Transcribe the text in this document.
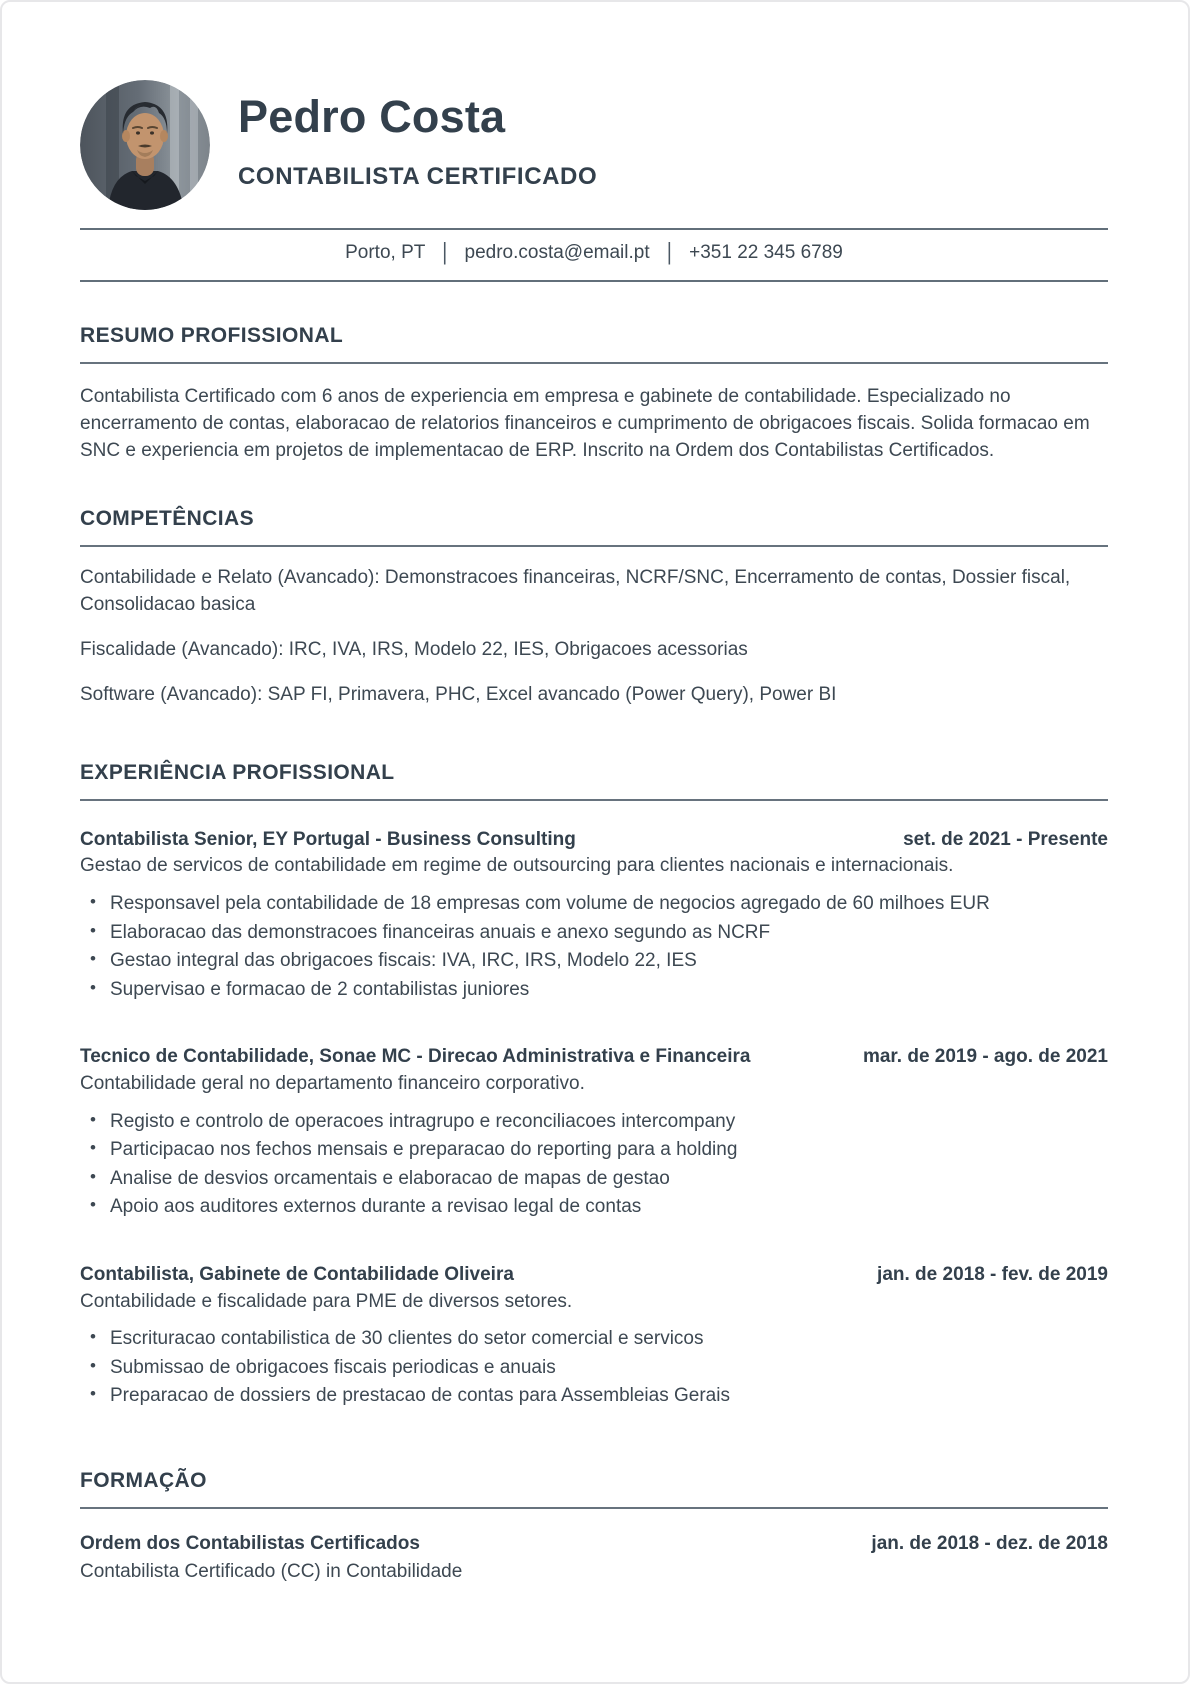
Pedro Costa
CONTABILISTA CERTIFICADO
Porto, PT | pedro.costa@email.pt | +351 22 345 6789
RESUMO PROFISSIONAL

Contabilista Certificado com 6 anos de experiencia em empresa e gabinete de contabilidade. Especializado no encerramento de contas, elaboracao de relatorios financeiros e cumprimento de obrigacoes fiscais. Solida formacao em SNC e experiencia em projetos de implementacao de ERP. Inscrito na Ordem dos Contabilistas Certificados.

COMPETÊNCIAS

Contabilidade e Relato (Avancado): Demonstracoes financeiras, NCRF/SNC, Encerramento de contas, Dossier fiscal, Consolidacao basica

Fiscalidade (Avancado): IRC, IVA, IRS, Modelo 22, IES, Obrigacoes acessorias

Software (Avancado): SAP FI, Primavera, PHC, Excel avancado (Power Query), Power BI

EXPERIÊNCIA PROFISSIONAL
Contabilista Senior, EY Portugal - Business Consulting	set. de 2021 - Presente
Gestao de servicos de contabilidade em regime de outsourcing para clientes nacionais e internacionais.
• Responsavel pela contabilidade de 18 empresas com volume de negocios agregado de 60 milhoes EUR
• Elaboracao das demonstracoes financeiras anuais e anexo segundo as NCRF
• Gestao integral das obrigacoes fiscais: IVA, IRC, IRS, Modelo 22, IES
• Supervisao e formacao de 2 contabilistas juniores
Tecnico de Contabilidade, Sonae MC - Direcao Administrativa e Financeira	mar. de 2019 - ago. de 2021
Contabilidade geral no departamento financeiro corporativo.
• Registo e controlo de operacoes intragrupo e reconciliacoes intercompany
• Participacao nos fechos mensais e preparacao do reporting para a holding
• Analise de desvios orcamentais e elaboracao de mapas de gestao
• Apoio aos auditores externos durante a revisao legal de contas
Contabilista, Gabinete de Contabilidade Oliveira	jan. de 2018 - fev. de 2019
Contabilidade e fiscalidade para PME de diversos setores.
• Escrituracao contabilistica de 30 clientes do setor comercial e servicos
• Submissao de obrigacoes fiscais periodicas e anuais
• Preparacao de dossiers de prestacao de contas para Assembleias Gerais
FORMAÇÃO
Ordem dos Contabilistas Certificados	jan. de 2018 - dez. de 2018
Contabilista Certificado (CC) in Contabilidade
